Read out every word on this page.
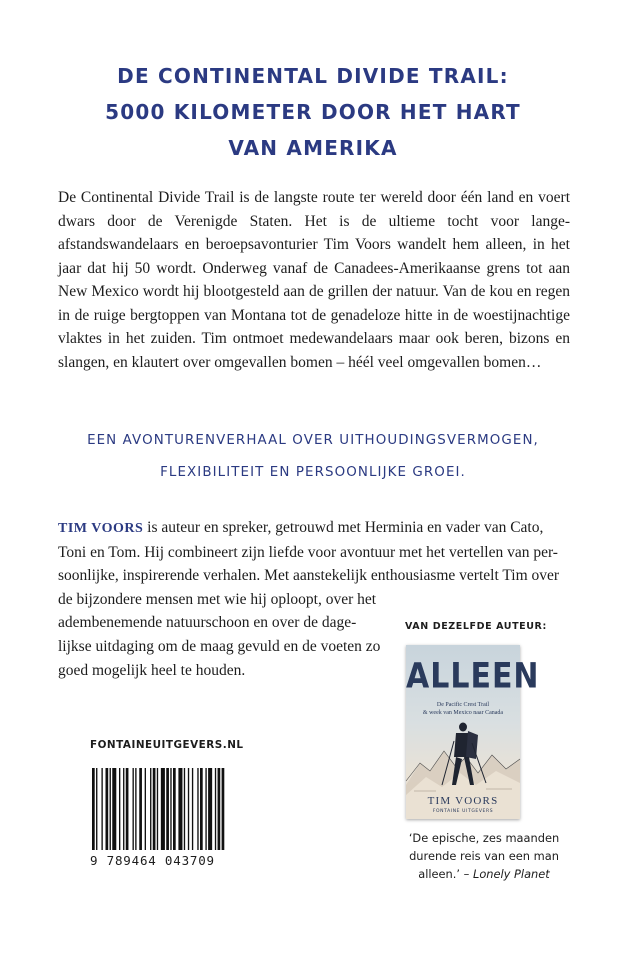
DE CONTINENTAL DIVIDE TRAIL:
5000 KILOMETER DOOR HET HART
VAN AMERIKA
De Continental Divide Trail is de langste route ter wereld door één land en voert dwars door de Verenigde Staten. Het is de ultieme tocht voor lange-afstandswandelaars en beroepsavonturier Tim Voors wandelt hem alleen, in het jaar dat hij 50 wordt. Onderweg vanaf de Canadees-Amerikaanse grens tot aan New Mexico wordt hij blootgesteld aan de grillen der natuur. Van de kou en regen in de ruige bergtoppen van Montana tot de genadeloze hitte in de woestijnachtige vlaktes in het zuiden. Tim ontmoet medewandelaars maar ook beren, bizons en slangen, en klautert over omgevallen bomen – héél veel omgevallen bomen…
EEN AVONTURENVERHAAL OVER UITHOUDINGSVERMOGEN,
FLEXIBILITEIT EN PERSOONLIJKE GROEI.
TIM VOORS is auteur en spreker, getrouwd met Herminia en vader van Cato,
Toni en Tom. Hij combineert zijn liefde voor avontuur met het vertellen van per-
soonlijke, inspirerende verhalen. Met aanstekelijk enthousiasme vertelt Tim over
de bijzondere mensen met wie hij oploopt, over het
adembenemende natuurschoon en over de dage-
lijkse uitdaging om de maag gevuld en de voeten zo
goed mogelijk heel te houden.
VAN DEZELFDE AUTEUR:
ALLEEN
De Pacific Crest Trail
& week van Mexico naar Canada
TIM VOORS
FONTAINE UITGEVERS
‘De epische, zes maanden
durende reis van een man
alleen.’ – Lonely Planet
FONTAINEUITGEVERS.NL
9 789464 043709
